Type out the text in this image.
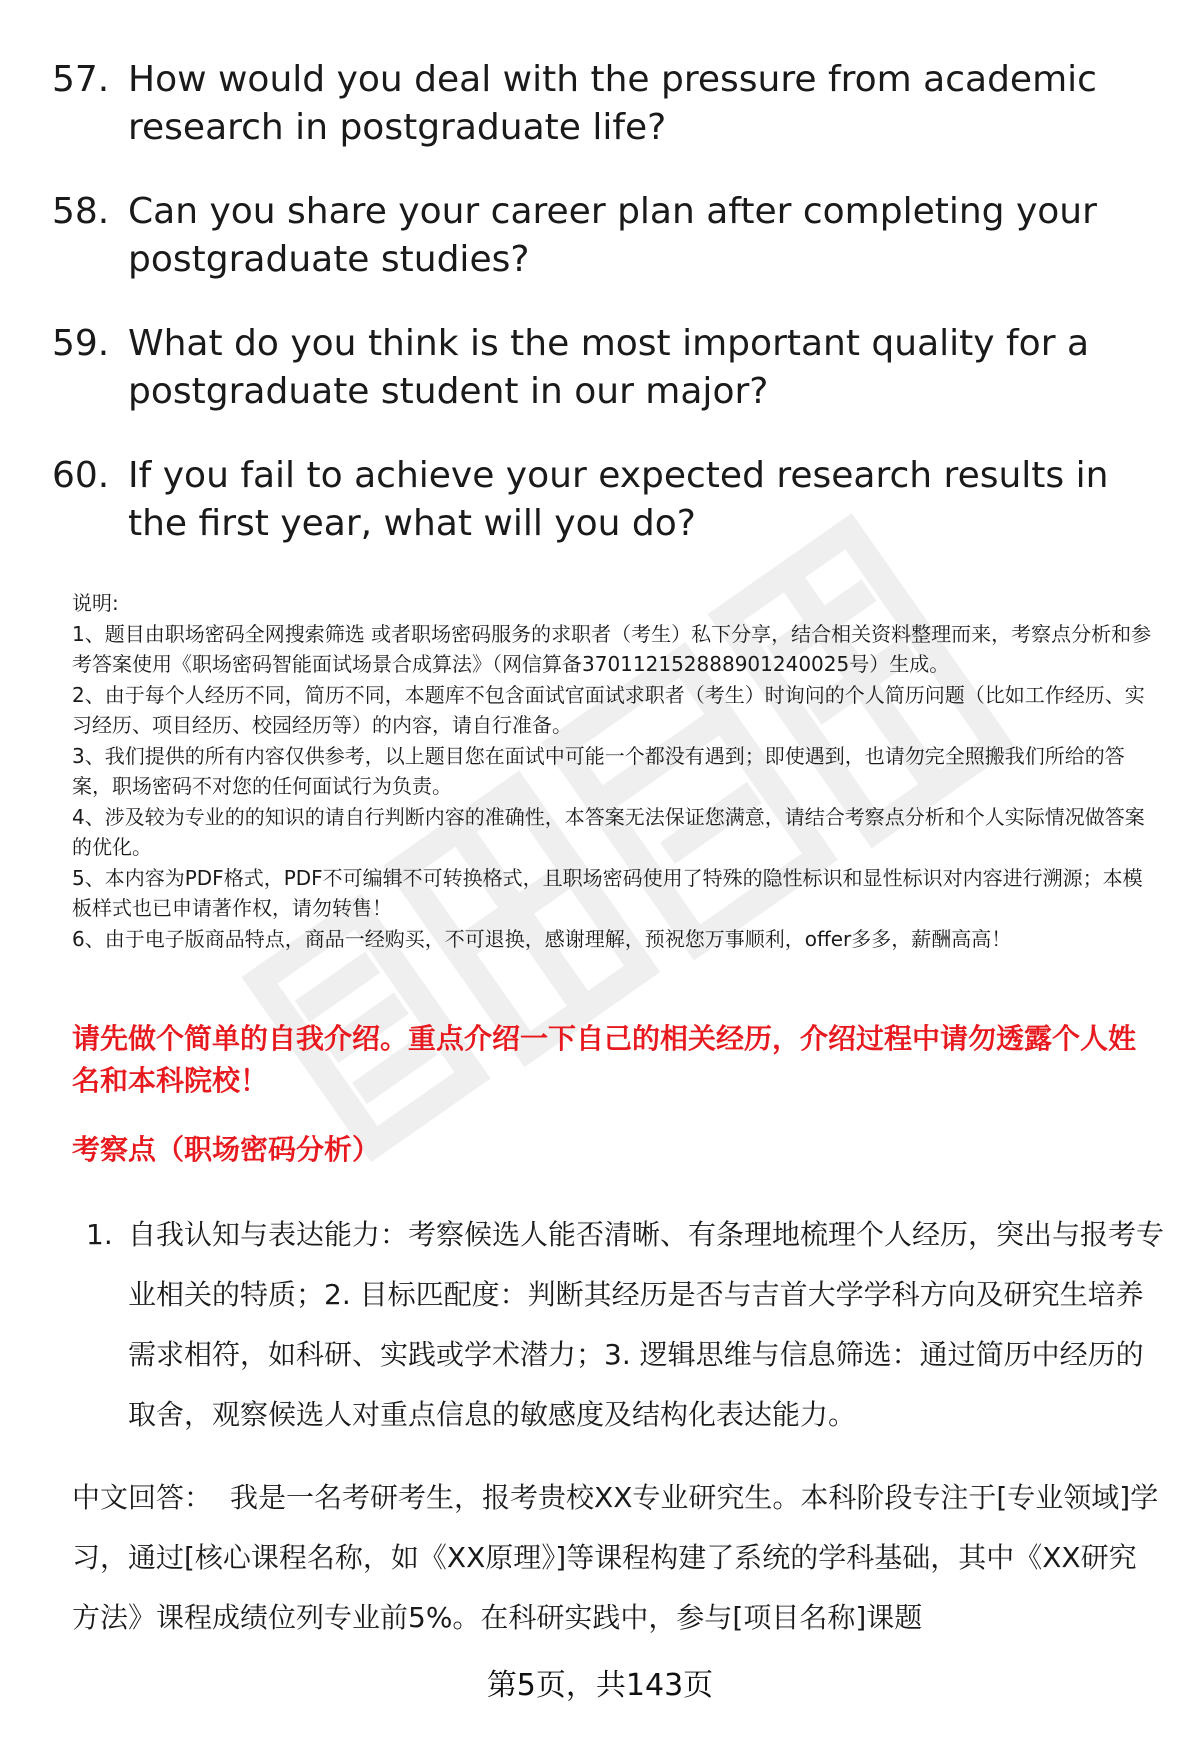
57. How would you deal with the pressure from academic research in postgraduate life?
58. Can you share your career plan after completing your postgraduate studies?
59. What do you think is the most important quality for a postgraduate student in our major?
60. If you fail to achieve your expected research results in the first year, what will you do?

说明:

1、题目由职场密码全网搜索筛选 或者职场密码服务的求职者（考生）私下分享，结合相关资料整理而来，考察点分析和参考答案使用《职场密码智能面试场景合成算法》（网信算备370112152888901240025号）生成。

2、由于每个人经历不同，简历不同，本题库不包含面试官面试求职者（考生）时询问的个人简历问题（比如工作经历、实习经历、项目经历、校园经历等）的内容，请自行准备。

3、我们提供的所有内容仅供参考，以上题目您在面试中可能一个都没有遇到；即使遇到，也请勿完全照搬我们所给的答案，职场密码不对您的任何面试行为负责。

4、涉及较为专业的的知识的请自行判断内容的准确性，本答案无法保证您满意，请结合考察点分析和个人实际情况做答案的优化。

5、本内容为PDF格式，PDF不可编辑不可转换格式，且职场密码使用了特殊的隐性标识和显性标识对内容进行溯源；本模板样式也已申请著作权，请勿转售！

6、由于电子版商品特点，商品一经购买，不可退换，感谢理解，预祝您万事顺利，offer多多，薪酬高高！

请先做个简单的自我介绍。重点介绍一下自己的相关经历，介绍过程中请勿透露个人姓名和本科院校！
考察点（职场密码分析）
1. 自我认知与表达能力：考察候选人能否清晰、有条理地梳理个人经历，突出与报考专业相关的特质；2. 目标匹配度：判断其经历是否与吉首大学学科方向及研究生培养需求相符，如科研、实践或学术潜力；3. 逻辑思维与信息筛选：通过简历中经历的取舍，观察候选人对重点信息的敏感度及结构化表达能力。
中文回答： 我是一名考研考生，报考贵校XX专业研究生。本科阶段专注于[专业领域]学习，通过[核心课程名称，如《XX原理》]等课程构建了系统的学科基础，其中《XX研究方法》课程成绩位列专业前5%。在科研实践中，参与[项目名称]课题
第5页，共143页
